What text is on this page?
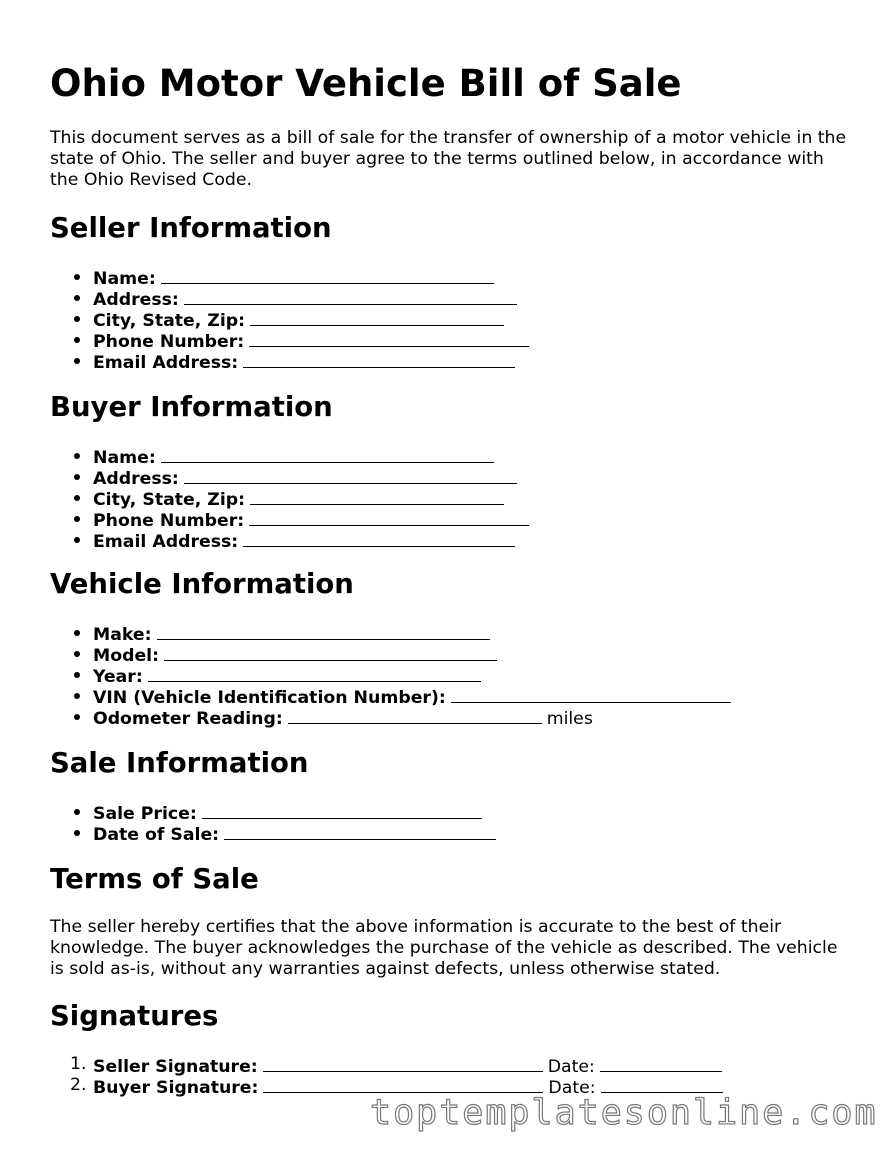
Ohio Motor Vehicle Bill of Sale

This document serves as a bill of sale for the transfer of ownership of a motor vehicle in the state of Ohio. The seller and buyer agree to the terms outlined below, in accordance with the Ohio Revised Code.

Seller Information
Name:
Address:
City, State, Zip:
Phone Number:
Email Address:
Buyer Information
Name:
Address:
City, State, Zip:
Phone Number:
Email Address:
Vehicle Information
Make:
Model:
Year:
VIN (Vehicle Identification Number):
Odometer Reading:	miles
Sale Information
Sale Price:
Date of Sale:
Terms of Sale

The seller hereby certifies that the above information is accurate to the best of their knowledge. The buyer acknowledges the purchase of the vehicle as described. The vehicle is sold as-is, without any warranties against defects, unless otherwise stated.

Signatures
1. Seller Signature:	Date:
2. Buyer Signature:	Date:
toptemplatesonline.com
